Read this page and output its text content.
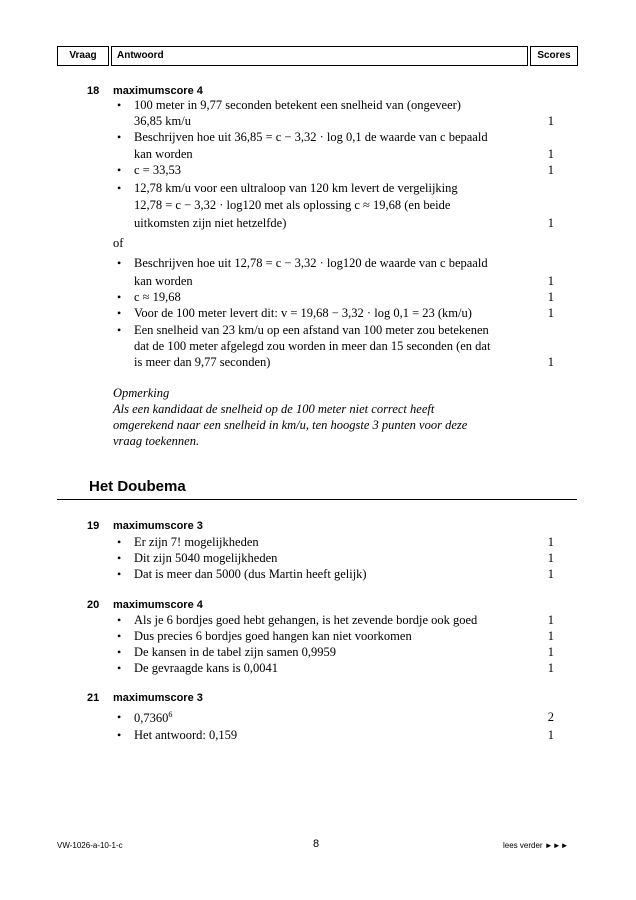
Vraag	Antwoord	Scores
18 maximumscore 4
• 100 meter in 9,77 seconden betekent een snelheid van (ongeveer)
36,85 km/u	1
• Beschrijven hoe uit 36,85 = c − 3,32 · log 0,1 de waarde van c bepaald
kan worden	1
• c = 33,53	1
• 12,78 km/u voor een ultraloop van 120 km levert de vergelijking
12,78 = c − 3,32 · log120 met als oplossing c ≈ 19,68 (en beide
uitkomsten zijn niet hetzelfde)	1
of
• Beschrijven hoe uit 12,78 = c − 3,32 · log120 de waarde van c bepaald
kan worden	1
• c ≈ 19,68	1
• Voor de 100 meter levert dit: v = 19,68 − 3,32 · log 0,1 = 23 (km/u)	1
• Een snelheid van 23 km/u op een afstand van 100 meter zou betekenen
dat de 100 meter afgelegd zou worden in meer dan 15 seconden (en dat
is meer dan 9,77 seconden)	1
Opmerking
Als een kandidaat de snelheid op de 100 meter niet correct heeft
omgerekend naar een snelheid in km/u, ten hoogste 3 punten voor deze
vraag toekennen.
Het Doubema
19 maximumscore 3
• Er zijn 7! mogelijkheden	1
• Dit zijn 5040 mogelijkheden	1
• Dat is meer dan 5000 (dus Martin heeft gelijk)	1
20 maximumscore 4
• Als je 6 bordjes goed hebt gehangen, is het zevende bordje ook goed	1
• Dus precies 6 bordjes goed hangen kan niet voorkomen	1
• De kansen in de tabel zijn samen 0,9959	1
• De gevraagde kans is 0,0041	1
21 maximumscore 3
• 0,7360$^6$	2
• Het antwoord: 0,159	1
VW-1026-a-10-1-c	8	lees verder ►►►
